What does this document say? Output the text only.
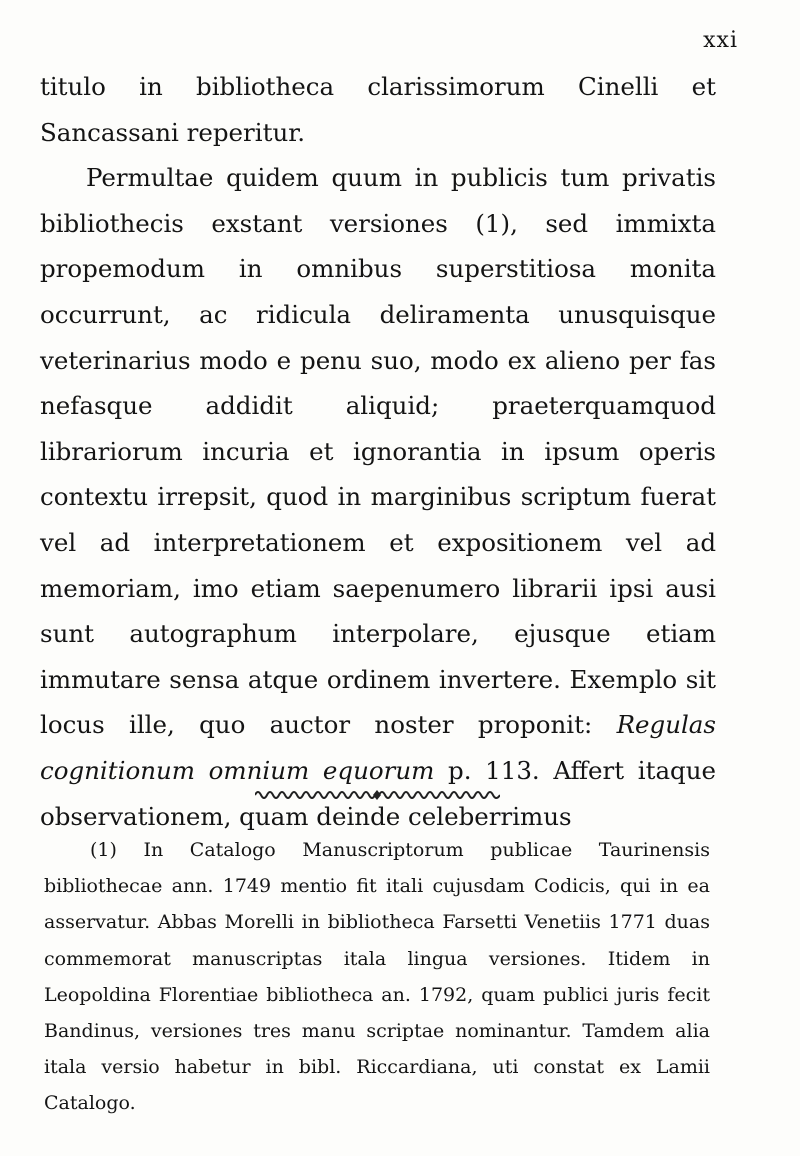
xxi

titulo in bibliotheca clarissimorum Cinelli et Sancassani reperitur.

Permultae quidem quum in publicis tum privatis bibliothecis exstant versiones (1), sed immixta propemodum in omnibus superstitiosa monita occurrunt, ac ridicula deliramenta unusquisque veterinarius modo e penu suo, modo ex alieno per fas nefasque addidit aliquid; praeterquamquod librariorum incuria et ignorantia in ipsum operis contextu irrepsit, quod in marginibus scriptum fuerat vel ad interpretationem et expositionem vel ad memoriam, imo etiam saepenumero librarii ipsi ausi sunt autographum interpolare, ejusque etiam immutare sensa atque ordinem invertere. Exemplo sit locus ille, quo auctor noster proponit: Regulas cognitionum omnium equorum p. 113. Affert itaque observationem, quam deinde celeberrimus

(1) In Catalogo Manuscriptorum publicae Taurinensis bibliothecae ann. 1749 mentio fit itali cujusdam Codicis, qui in ea asservatur. Abbas Morelli in bibliotheca Farsetti Venetiis 1771 duas commemorat manuscriptas itala lingua versiones. Itidem in Leopoldina Florentiae bibliotheca an. 1792, quam publici juris fecit Bandinus, versiones tres manu scriptae nominantur. Tamdem alia itala versio habetur in bibl. Riccardiana, uti constat ex Lamii Catalogo.
